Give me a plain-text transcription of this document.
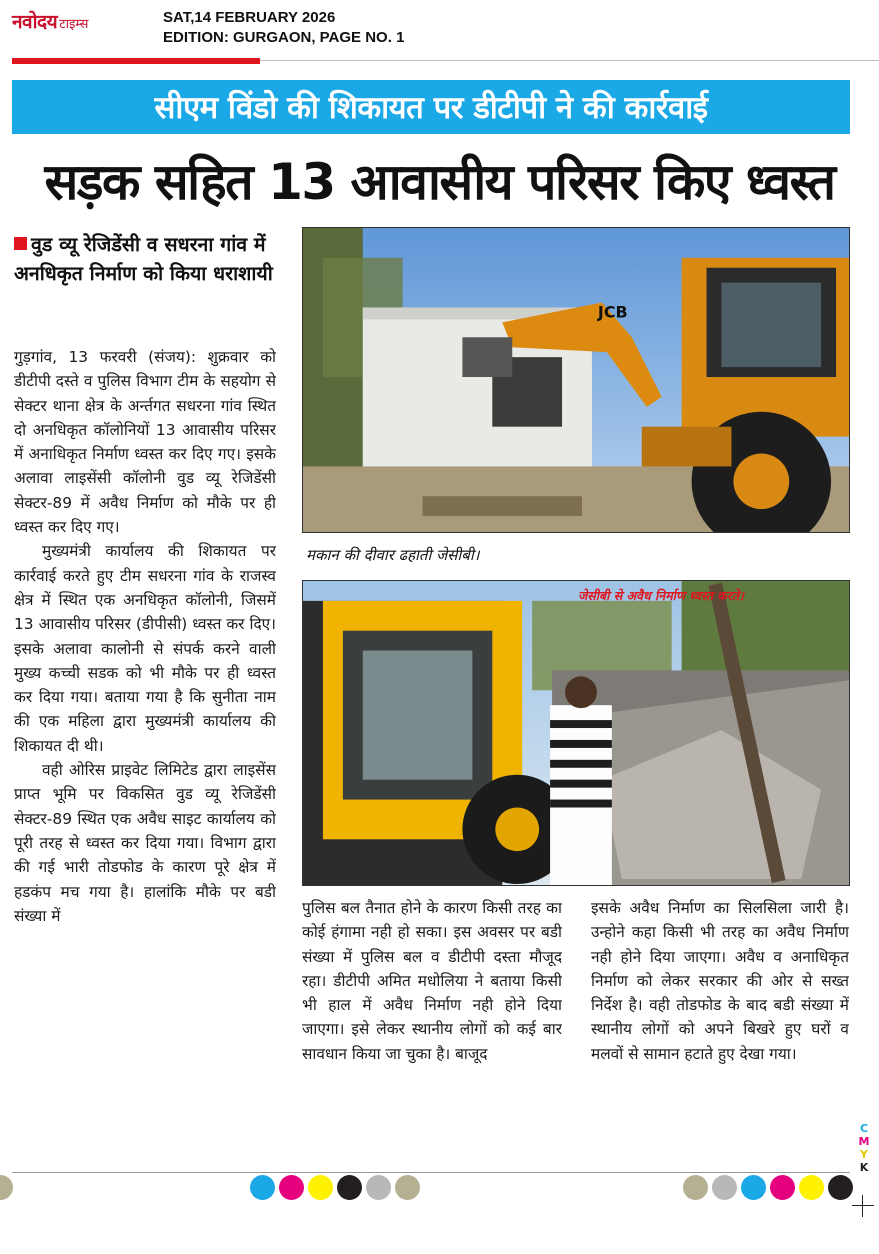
नवोदय टाइम्स	SAT,14 FEBRUARY 2026
EDITION: GURGAON, PAGE NO. 1
सीएम विंडो की शिकायत पर डीटीपी ने की कार्रवाई
सड़क सहित 13 आवासीय परिसर किए ध्वस्त
वुड व्यू रेजिडेंसी व सधरना गांव में अनधिकृत निर्माण को किया धराशायी

गुड़गांव, 13 फरवरी (संजय): शुक्रवार को डीटीपी दस्ते व पुलिस विभाग टीम के सहयोग से सेक्टर थाना क्षेत्र के अर्न्तगत सधरना गांव स्थित दो अनधिकृत कॉलोनियों 13 आवासीय परिसर में अनाधिकृत निर्माण ध्वस्त कर दिए गए। इसके अलावा लाइसेंसी कॉलोनी वुड व्यू रेजिडेंसी सेक्टर-89 में अवैध निर्माण को मौके पर ही ध्वस्त कर दिए गए।

मुख्यमंत्री कार्यालय की शिकायत पर कार्रवाई करते हुए टीम सधरना गांव के राजस्व क्षेत्र में स्थित एक अनधिकृत कॉलोनी, जिसमें 13 आवासीय परिसर (डीपीसी) ध्वस्त कर दिए। इसके अलावा कालोनी से संपर्क करने वाली मुख्य कच्ची सडक को भी मौके पर ही ध्वस्त कर दिया गया। बताया गया है कि सुनीता नाम की एक महिला द्वारा मुख्यमंत्री कार्यालय की शिकायत दी थी।

वही ओरिस प्राइवेट लिमिटेड द्वारा लाइसेंस प्राप्त भूमि पर विकसित वुड व्यू रेजिडेंसी सेक्टर-89 स्थित एक अवैध साइट कार्यालय को पूरी तरह से ध्वस्त कर दिया गया। विभाग द्वारा की गई भारी तोडफोड के कारण पूरे क्षेत्र में हडकंप मच गया है। हालांकि मौके पर बडी संख्या में

JCB
मकान की दीवार ढहाती जेसीबी।
जेसीबी से अवैध निर्माण ध्वस्त करते।

पुलिस बल तैनात होने के कारण किसी तरह का कोई हंगामा नही हो सका। इस अवसर पर बडी संख्या में पुलिस बल व डीटीपी दस्ता मौजूद रहा। डीटीपी अमित मधोलिया ने बताया किसी भी हाल में अवैध निर्माण नही होने दिया जाएगा। इसे लेकर स्थानीय लोगों को कई बार सावधान किया जा चुका है। बाजूद

इसके अवैध निर्माण का सिलसिला जारी है। उन्होने कहा किसी भी तरह का अवैध निर्माण नही होने दिया जाएगा। अवैध व अनाधिकृत निर्माण को लेकर सरकार की ओर से सख्त निर्देश है। वही तोडफोड के बाद बडी संख्या में स्थानीय लोगों को अपने बिखरे हुए घरों व मलवों से सामान हटाते हुए देखा गया।

C
M
Y
K
